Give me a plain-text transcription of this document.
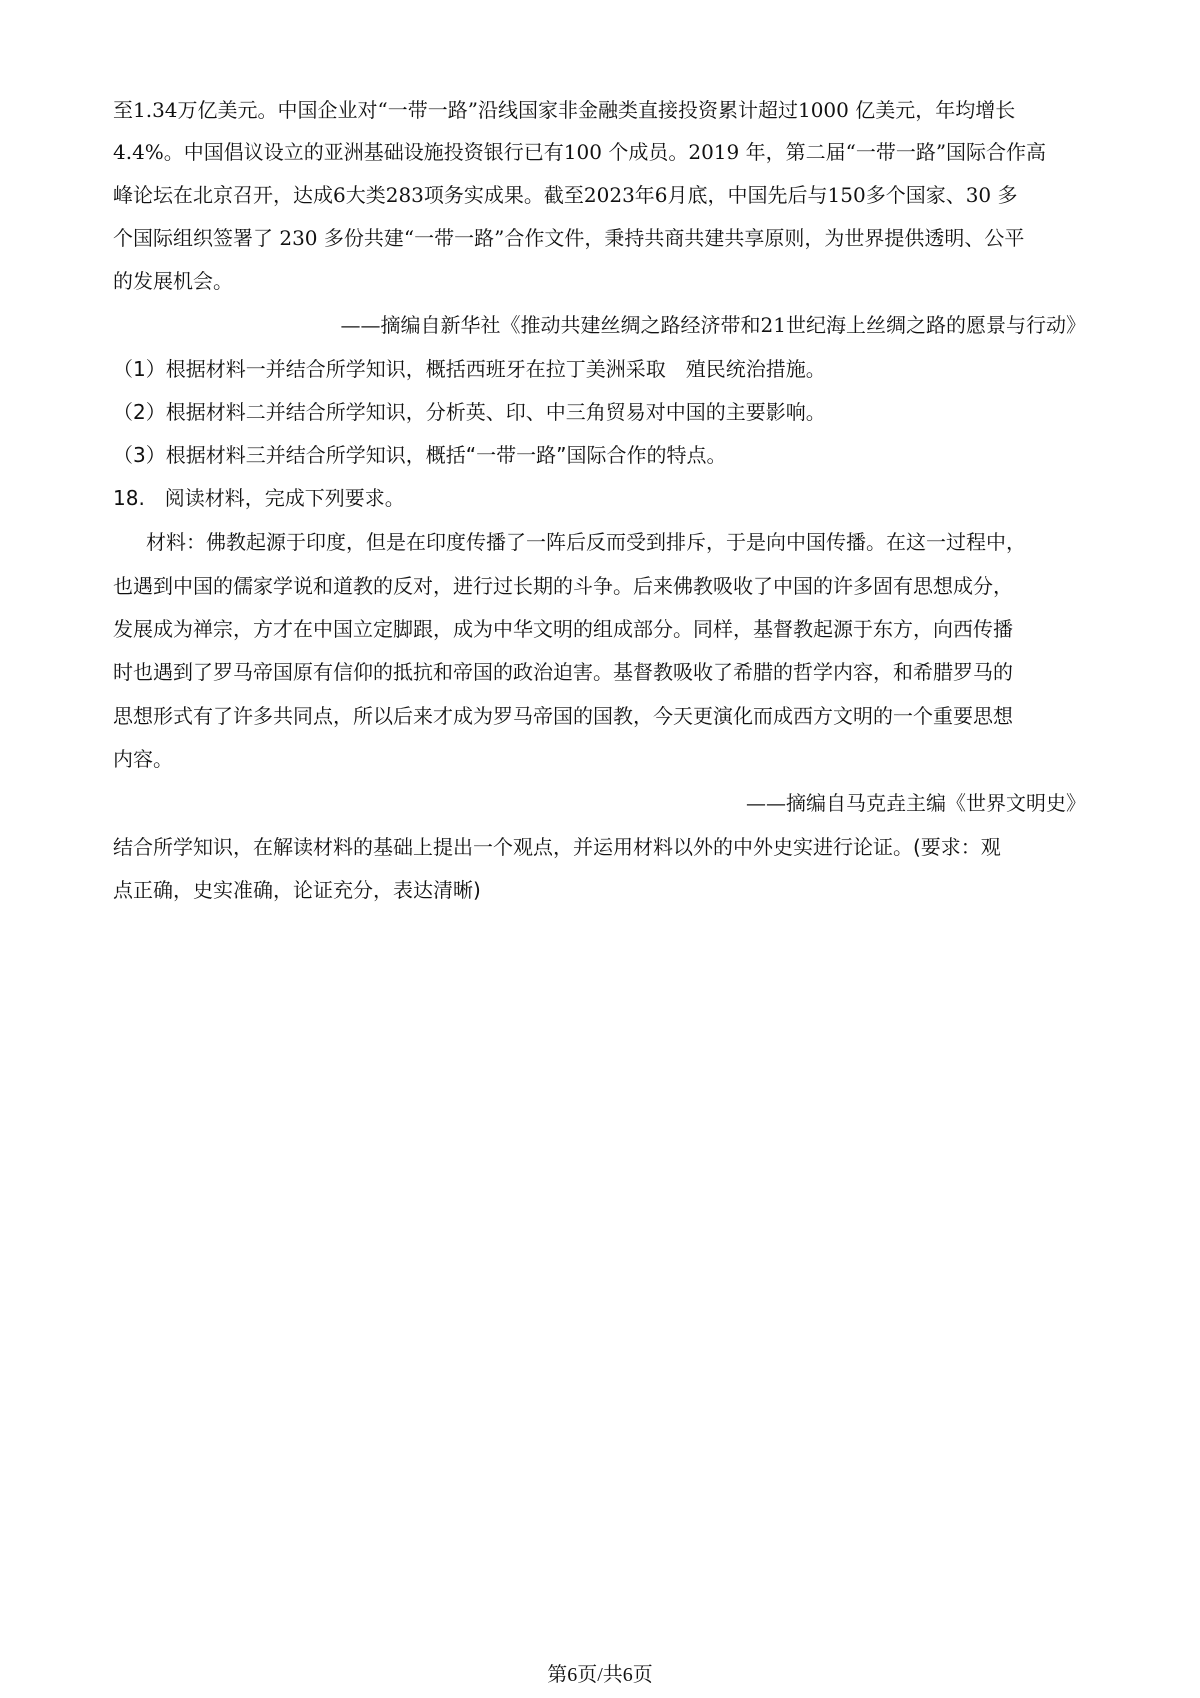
至1.34万亿美元。中国企业对“一带一路”沿线国家非金融类直接投资累计超过1000 亿美元，年均增长
4.4%。中国倡议设立的亚洲基础设施投资银行已有100 个成员。2019 年，第二届“一带一路”国际合作高
峰论坛在北京召开，达成6大类283项务实成果。截至2023年6月底，中国先后与150多个国家、30 多
个国际组织签署了 230 多份共建“一带一路”合作文件，秉持共商共建共享原则，为世界提供透明、公平
的发展机会。
——摘编自新华社《推动共建丝绸之路经济带和21世纪海上丝绸之路的愿景与行动》
（1）根据材料一并结合所学知识，概括西班牙在拉丁美洲采取　殖民统治措施。
（2）根据材料二并结合所学知识，分析英、印、中三角贸易对中国的主要影响。
（3）根据材料三并结合所学知识，概括“一带一路”国际合作的特点。
18.　阅读材料，完成下列要求。
材料：佛教起源于印度，但是在印度传播了一阵后反而受到排斥，于是向中国传播。在这一过程中，
也遇到中国的儒家学说和道教的反对，进行过长期的斗争。后来佛教吸收了中国的许多固有思想成分，
发展成为禅宗，方才在中国立定脚跟，成为中华文明的组成部分。同样，基督教起源于东方，向西传播
时也遇到了罗马帝国原有信仰的抵抗和帝国的政治迫害。基督教吸收了希腊的哲学内容，和希腊罗马的
思想形式有了许多共同点，所以后来才成为罗马帝国的国教，今天更演化而成西方文明的一个重要思想
内容。
——摘编自马克垚主编《世界文明史》
结合所学知识，在解读材料的基础上提出一个观点，并运用材料以外的中外史实进行论证。(要求：观
点正确，史实准确，论证充分，表达清晰)
第6页/共6页
